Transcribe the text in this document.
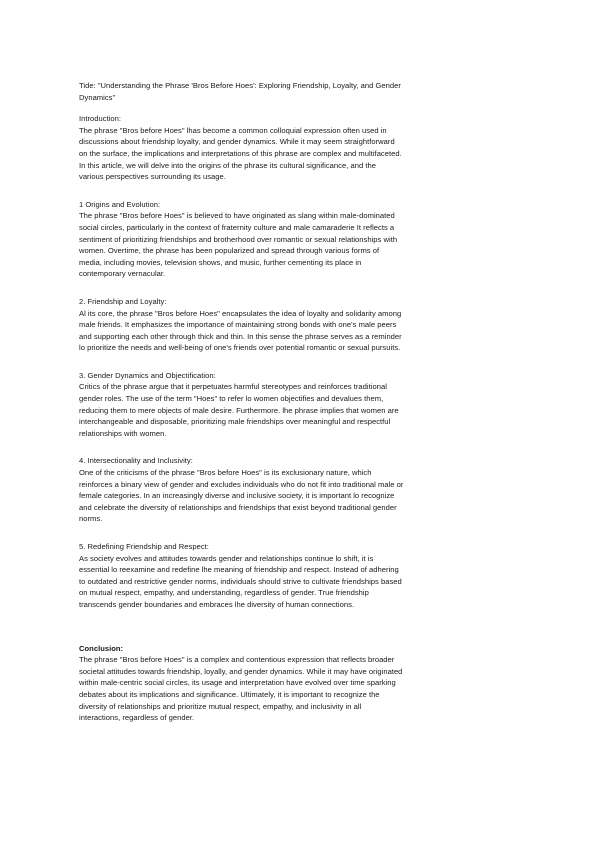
Tide: "Understanding the Phrase 'Bros Before Hoes': Exploring Friendship, Loyalty, and Gender
Dynamics"
Introduction:
The phrase "Bros before Hoes" lhas become a common colloquial expression often used in
discussions about friendship loyalty, and gender dynamics. While it may seem straightforward
on the surface, the implications and interpretations of this phrase are complex and multifaceted.
In this article, we will delve into the origins of the phrase its cultural significance, and the
various perspectives surrounding its usage.
1 Origins and Evolution:
The phrase "Bros before Hoes" is believed to have originated as slang within male-dominated
social circles, particularly in the context of fraternity culture and male camaraderie It reflects a
sentiment of prioritizing friendships and brotherhood over romantic or sexual relationships with
women. Overtime, the phrase has been popularized and spread through various forms of
media, including movies, television shows, and music, further cementing its place in
contemporary vernacular.
2. Friendship and Loyalty:
Al its core, the phrase "Bros before Hoes" encapsulates the idea of loyalty and solidarity among
male friends. It emphasizes the importance of maintaining strong bonds with one's male peers
and supporting each other through thick and thin. In this sense the phrase serves as a reminder
lo prioritize the needs and well-being of one's friends over potential romantic or sexual pursuits.
3. Gender Dynamics and Objectification:
Critics of the phrase argue that it perpetuates harmful stereotypes and reinforces traditional
gender roles. The use of the term "Hoes" to refer lo women objectifies and devalues them,
reducing them to mere objects of male desire. Furthermore. lhe phrase implies that women are
interchangeable and disposable, prioritizing male friendships over meaningful and respectful
relationships with women.
4. Intersectionality and Inclusivity:
One of the criticisms of the phrase "Bros before Hoes" is its exclusionary nature, which
reinforces a binary view of gender and excludes individuals who do not fit into traditional male or
female categories. In an increasingly diverse and inclusive society, it is important lo recognize
and celebrate the diversity of relationships and friendships that exist beyond traditional gender
norms.
5. Redefining Friendship and Respect:
As society evolves and attitudes towards gender and relationships continue lo shift, it is
essential lo reexamine and redefine lhe meaning of friendship and respect. Instead of adhering
to outdated and restrictive gender norms, individuals should strive to cultivate friendships based
on mutual respect, empathy, and understanding, regardless of gender. True friendship
transcends gender boundaries and embraces lhe diversity of human connections.
Conclusion:
The phrase "Bros before Hoes" is a complex and contentious expression that reflects broader
societal attitudes towards friendship, loyally, and gender dynamics. While it may have originated
within male-centric social circles, its usage and interpretation have evolved over time sparking
debates about its implications and significance. Ultimately, it is important to recognize the
diversity of relationships and prioritize mutual respect, empathy, and inclusivity in all
interactions, regardless of gender.
